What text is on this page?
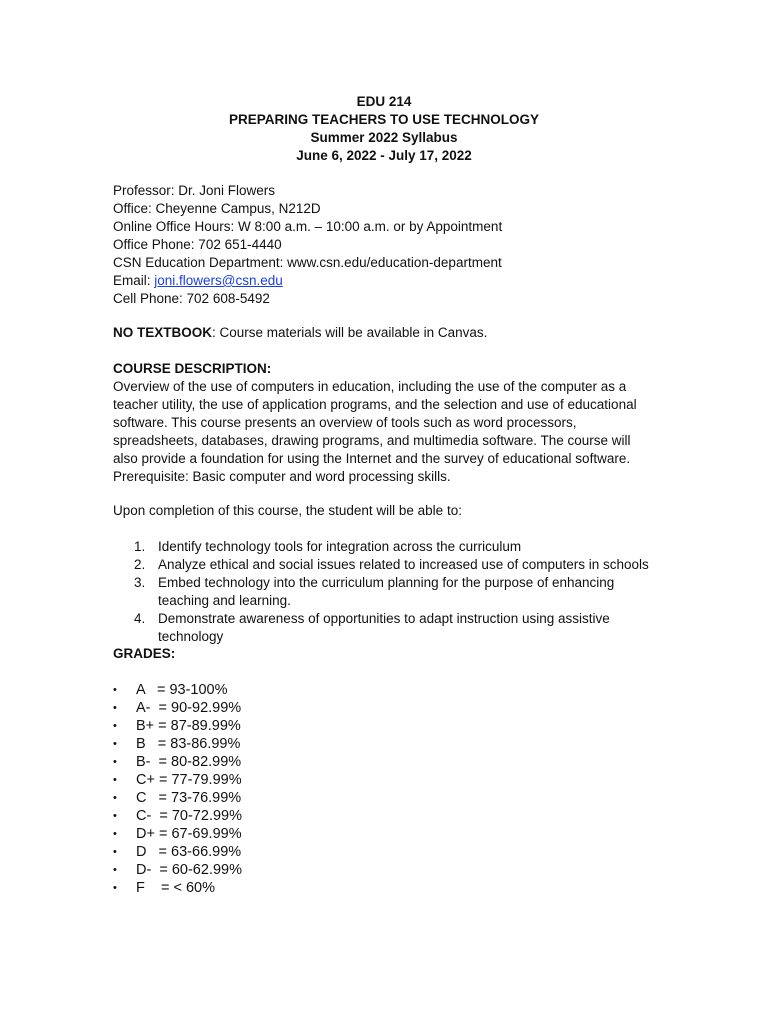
EDU 214
PREPARING TEACHERS TO USE TECHNOLOGY
Summer 2022 Syllabus
June 6, 2022 - July 17, 2022
Professor: Dr. Joni Flowers
Office: Cheyenne Campus, N212D
Online Office Hours: W 8:00 a.m. – 10:00 a.m. or by Appointment
Office Phone: 702 651-4440
CSN Education Department: www.csn.edu/education-department
Email: joni.flowers@csn.edu
Cell Phone: 702 608-5492
NO TEXTBOOK: Course materials will be available in Canvas.
COURSE DESCRIPTION:
Overview of the use of computers in education, including the use of the computer as a teacher utility, the use of application programs, and the selection and use of educational software. This course presents an overview of tools such as word processors, spreadsheets, databases, drawing programs, and multimedia software. The course will also provide a foundation for using the Internet and the survey of educational software. Prerequisite: Basic computer and word processing skills.
Upon completion of this course, the student will be able to:
1. Identify technology tools for integration across the curriculum
2. Analyze ethical and social issues related to increased use of computers in schools
3. Embed technology into the curriculum planning for the purpose of enhancing teaching and learning.
4. Demonstrate awareness of opportunities to adapt instruction using assistive technology
GRADES:
• A   = 93-100%
• A-  = 90-92.99%
• B+ = 87-89.99%
• B   = 83-86.99%
• B-  = 80-82.99%
• C+ = 77-79.99%
• C   = 73-76.99%
• C-  = 70-72.99%
• D+ = 67-69.99%
• D   = 63-66.99%
• D-  = 60-62.99%
• F    = < 60%
